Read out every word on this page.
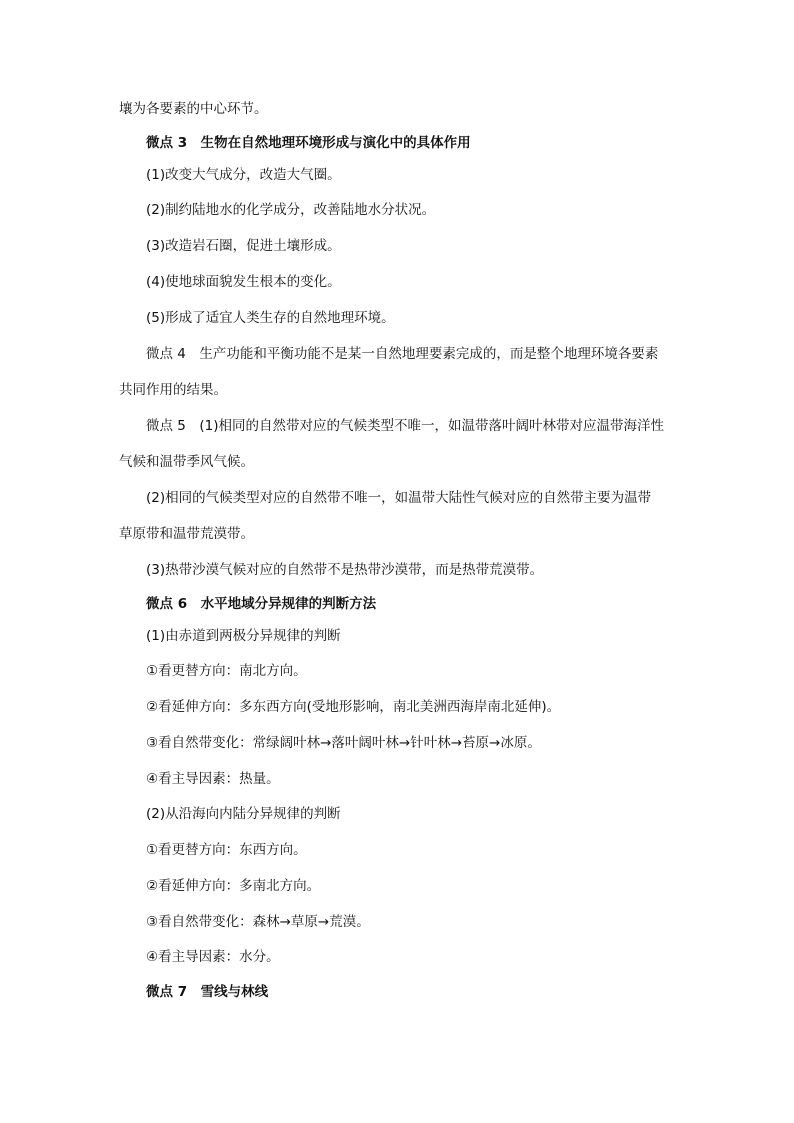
壤为各要素的中心环节。
微点 3　生物在自然地理环境形成与演化中的具体作用
(1)改变大气成分，改造大气圈。
(2)制约陆地水的化学成分，改善陆地水分状况。
(3)改造岩石圈，促进土壤形成。
(4)使地球面貌发生根本的变化。
(5)形成了适宜人类生存的自然地理环境。
微点 4　生产功能和平衡功能不是某一自然地理要素完成的，而是整个地理环境各要素
共同作用的结果。
微点 5　(1)相同的自然带对应的气候类型不唯一，如温带落叶阔叶林带对应温带海洋性
气候和温带季风气候。
(2)相同的气候类型对应的自然带不唯一，如温带大陆性气候对应的自然带主要为温带
草原带和温带荒漠带。
(3)热带沙漠气候对应的自然带不是热带沙漠带，而是热带荒漠带。
微点 6　水平地域分异规律的判断方法
(1)由赤道到两极分异规律的判断
①看更替方向：南北方向。
②看延伸方向：多东西方向(受地形影响，南北美洲西海岸南北延伸)。
③看自然带变化：常绿阔叶林→落叶阔叶林→针叶林→苔原→冰原。
④看主导因素：热量。
(2)从沿海向内陆分异规律的判断
①看更替方向：东西方向。
②看延伸方向：多南北方向。
③看自然带变化：森林→草原→荒漠。
④看主导因素：水分。
微点 7　雪线与林线
